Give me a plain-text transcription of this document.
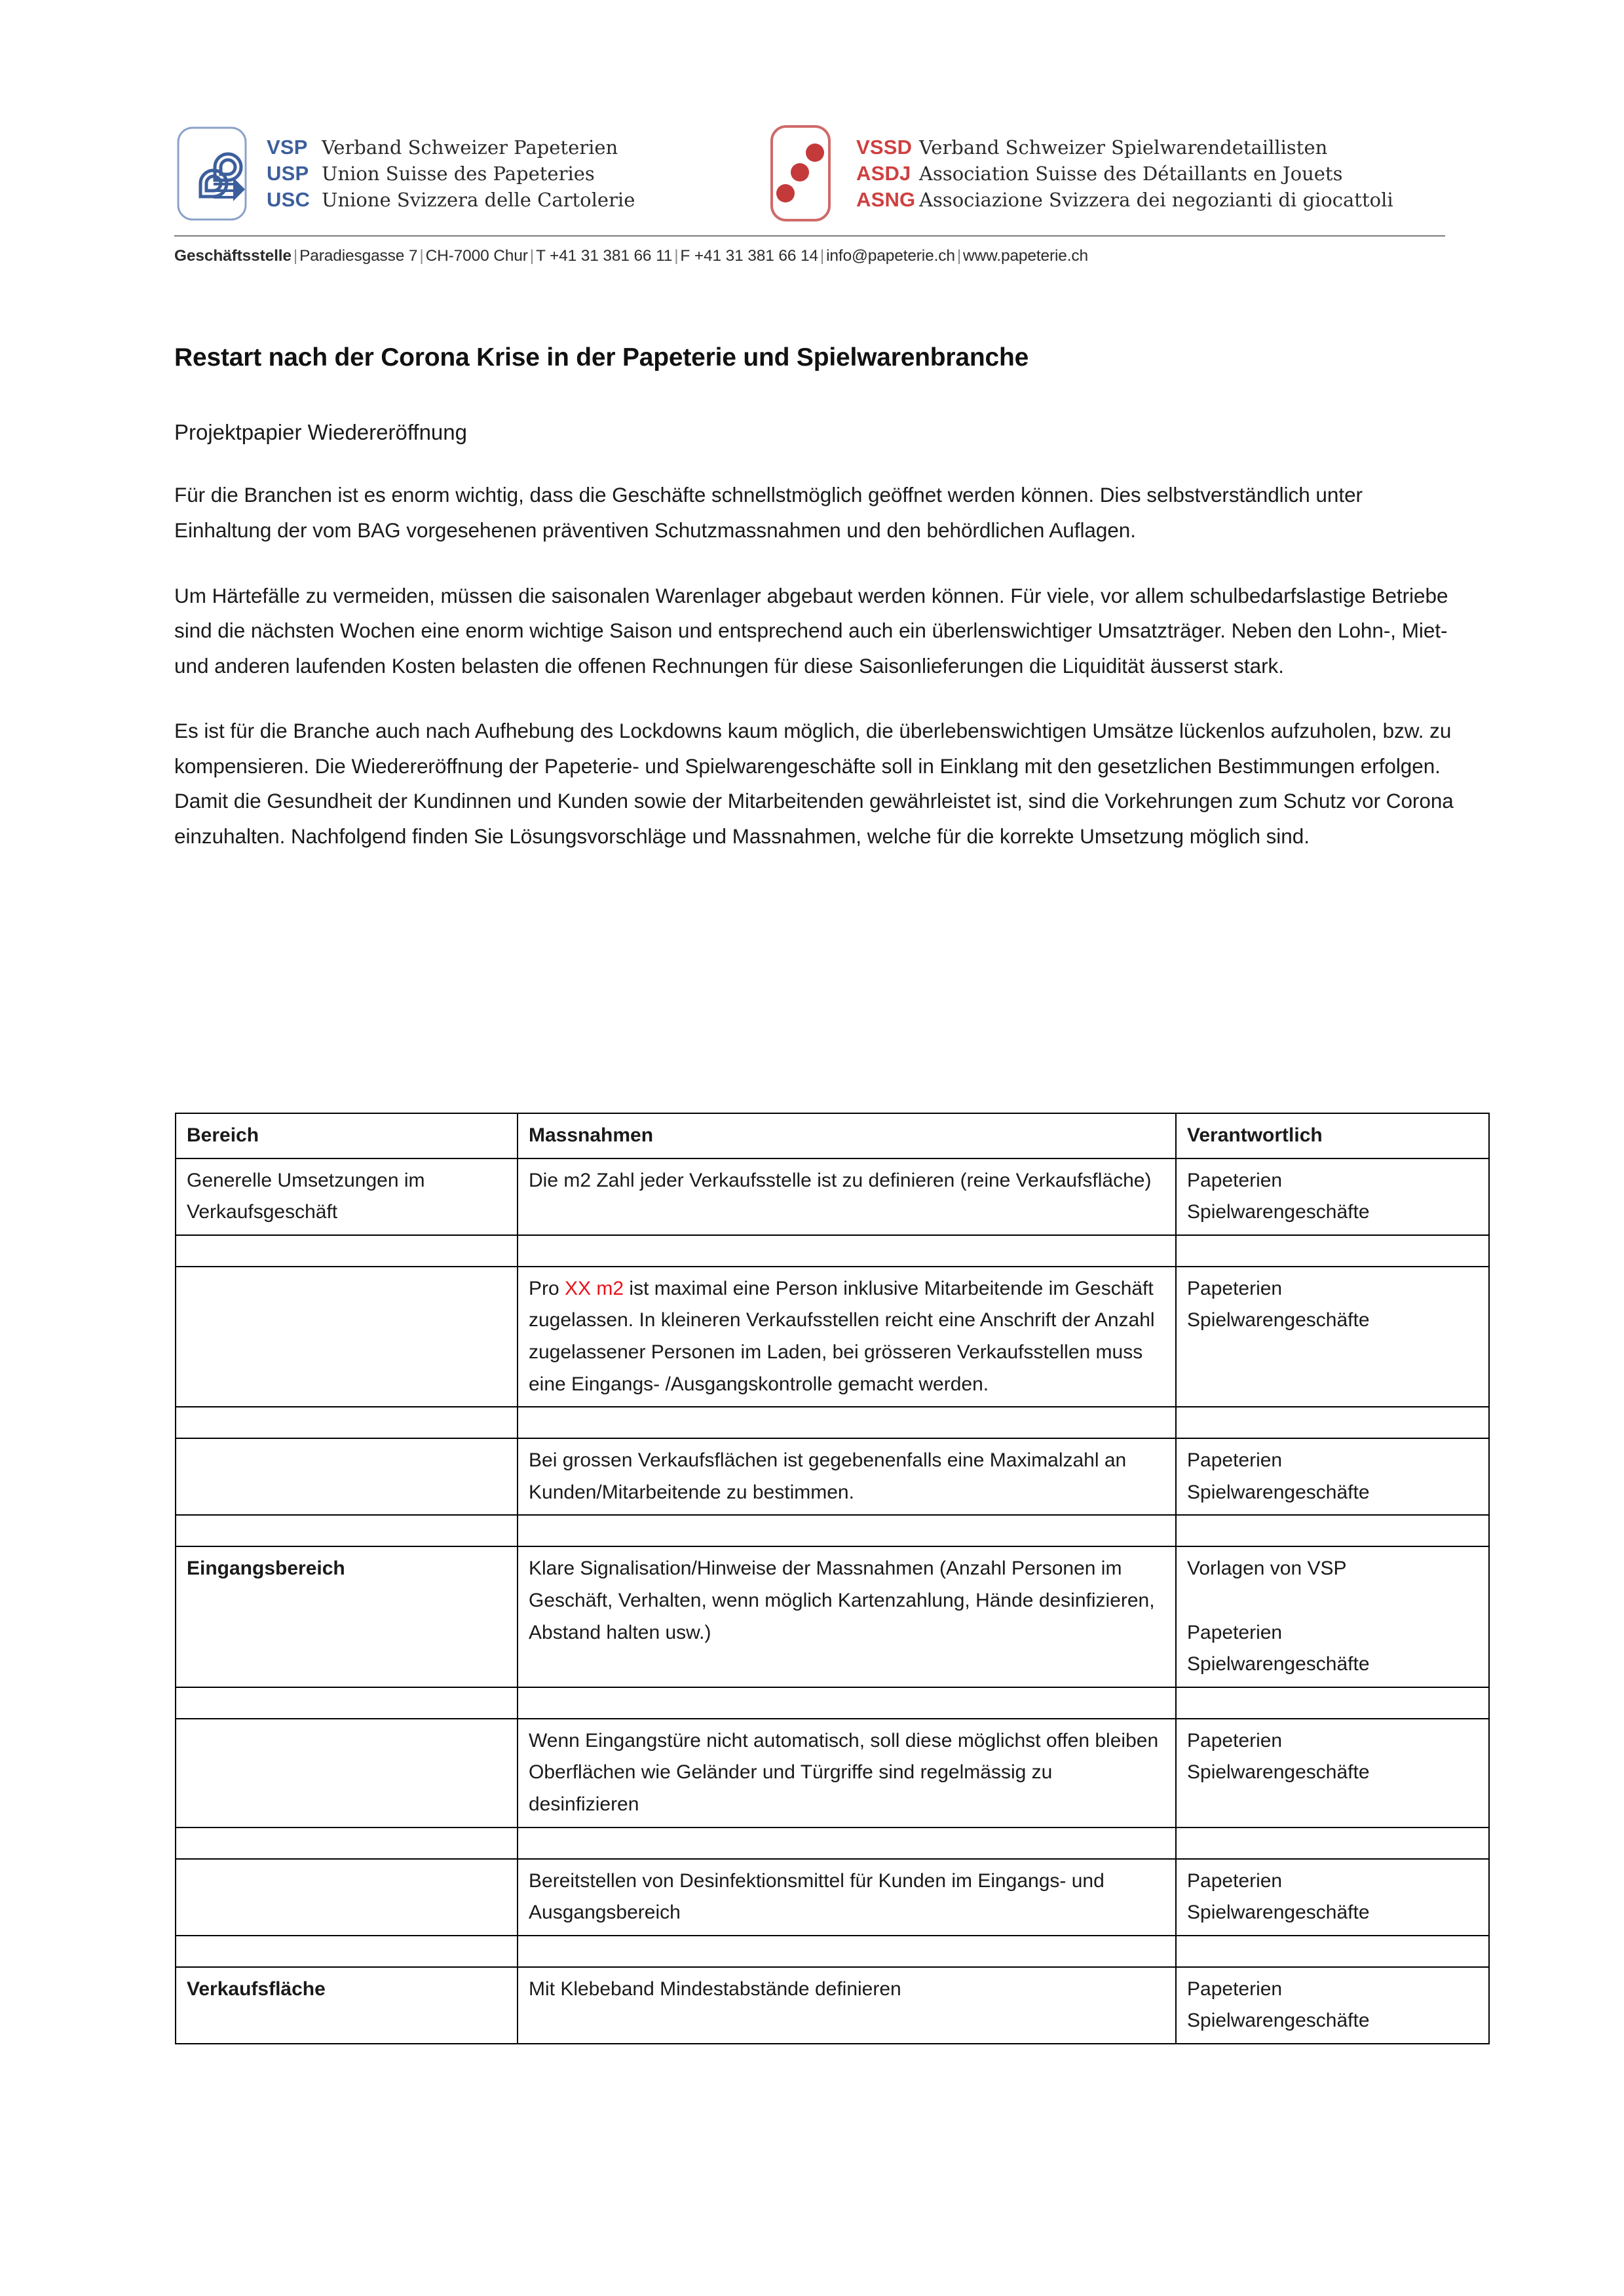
VSP Verband Schweizer Papeterien
USP Union Suisse des Papeteries
USC Unione Svizzera delle Cartolerie
VSSD Verband Schweizer Spielwarendetaillisten
ASDJ Association Suisse des Détaillants en Jouets
ASNG Associazione Svizzera dei negozianti di giocattoli
Geschäftsstelle | Paradiesgasse 7 | CH-7000 Chur | T +41 31 381 66 11 | F +41 31 381 66 14 | info@papeterie.ch | www.papeterie.ch
Restart nach der Corona Krise in der Papeterie und Spielwarenbranche

Projektpapier Wiedereröffnung

Für die Branchen ist es enorm wichtig, dass die Geschäfte schnellstmöglich geöffnet werden können. Dies selbstverständlich unter Einhaltung der vom BAG vorgesehenen präventiven Schutzmassnahmen und den behördlichen Auflagen.

Um Härtefälle zu vermeiden, müssen die saisonalen Warenlager abgebaut werden können. Für viele, vor allem schulbedarfslastige Betriebe sind die nächsten Wochen eine enorm wichtige Saison und entsprechend auch ein überlenswichtiger Umsatzträger. Neben den Lohn-, Miet- und anderen laufenden Kosten belasten die offenen Rechnungen für diese Saisonlieferungen die Liquidität äusserst stark.

Es ist für die Branche auch nach Aufhebung des Lockdowns kaum möglich, die überlebenswichtigen Umsätze lückenlos aufzuholen, bzw. zu kompensieren. Die Wiedereröffnung der Papeterie- und Spielwarengeschäfte soll in Einklang mit den gesetzlichen Bestimmungen erfolgen. Damit die Gesundheit der Kundinnen und Kunden sowie der Mitarbeitenden gewährleistet ist, sind die Vorkehrungen zum Schutz vor Corona einzuhalten. Nachfolgend finden Sie Lösungsvorschläge und Massnahmen, welche für die korrekte Umsetzung möglich sind.

Bereich	Massnahmen	Verantwortlich
Generelle Umsetzungen im Verkaufsgeschäft	Die m2 Zahl jeder Verkaufsstelle ist zu definieren (reine Verkaufsfläche)	Papeterien
Spielwarengeschäfte

	Pro XX m2 ist maximal eine Person inklusive Mitarbeitende im Geschäft zugelassen. In kleineren Verkaufsstellen reicht eine Anschrift der Anzahl zugelassener Personen im Laden, bei grösseren Verkaufsstellen muss eine Eingangs- /Ausgangskontrolle gemacht werden.	Papeterien
Spielwarengeschäfte

	Bei grossen Verkaufsflächen ist gegebenenfalls eine Maximalzahl an Kunden/Mitarbeitende zu bestimmen.	Papeterien
Spielwarengeschäfte

Eingangsbereich	Klare Signalisation/Hinweise der Massnahmen (Anzahl Personen im Geschäft, Verhalten, wenn möglich Kartenzahlung, Hände desinfizieren, Abstand halten usw.)	Vorlagen von VSP
Papeterien
Spielwarengeschäfte

	Wenn Eingangstüre nicht automatisch, soll diese möglichst offen bleiben Oberflächen wie Geländer und Türgriffe sind regelmässig zu desinfizieren	Papeterien
Spielwarengeschäfte

	Bereitstellen von Desinfektionsmittel für Kunden im Eingangs- und Ausgangsbereich	Papeterien
Spielwarengeschäfte

Verkaufsfläche	Mit Klebeband Mindestabstände definieren	Papeterien
Spielwarengeschäfte
